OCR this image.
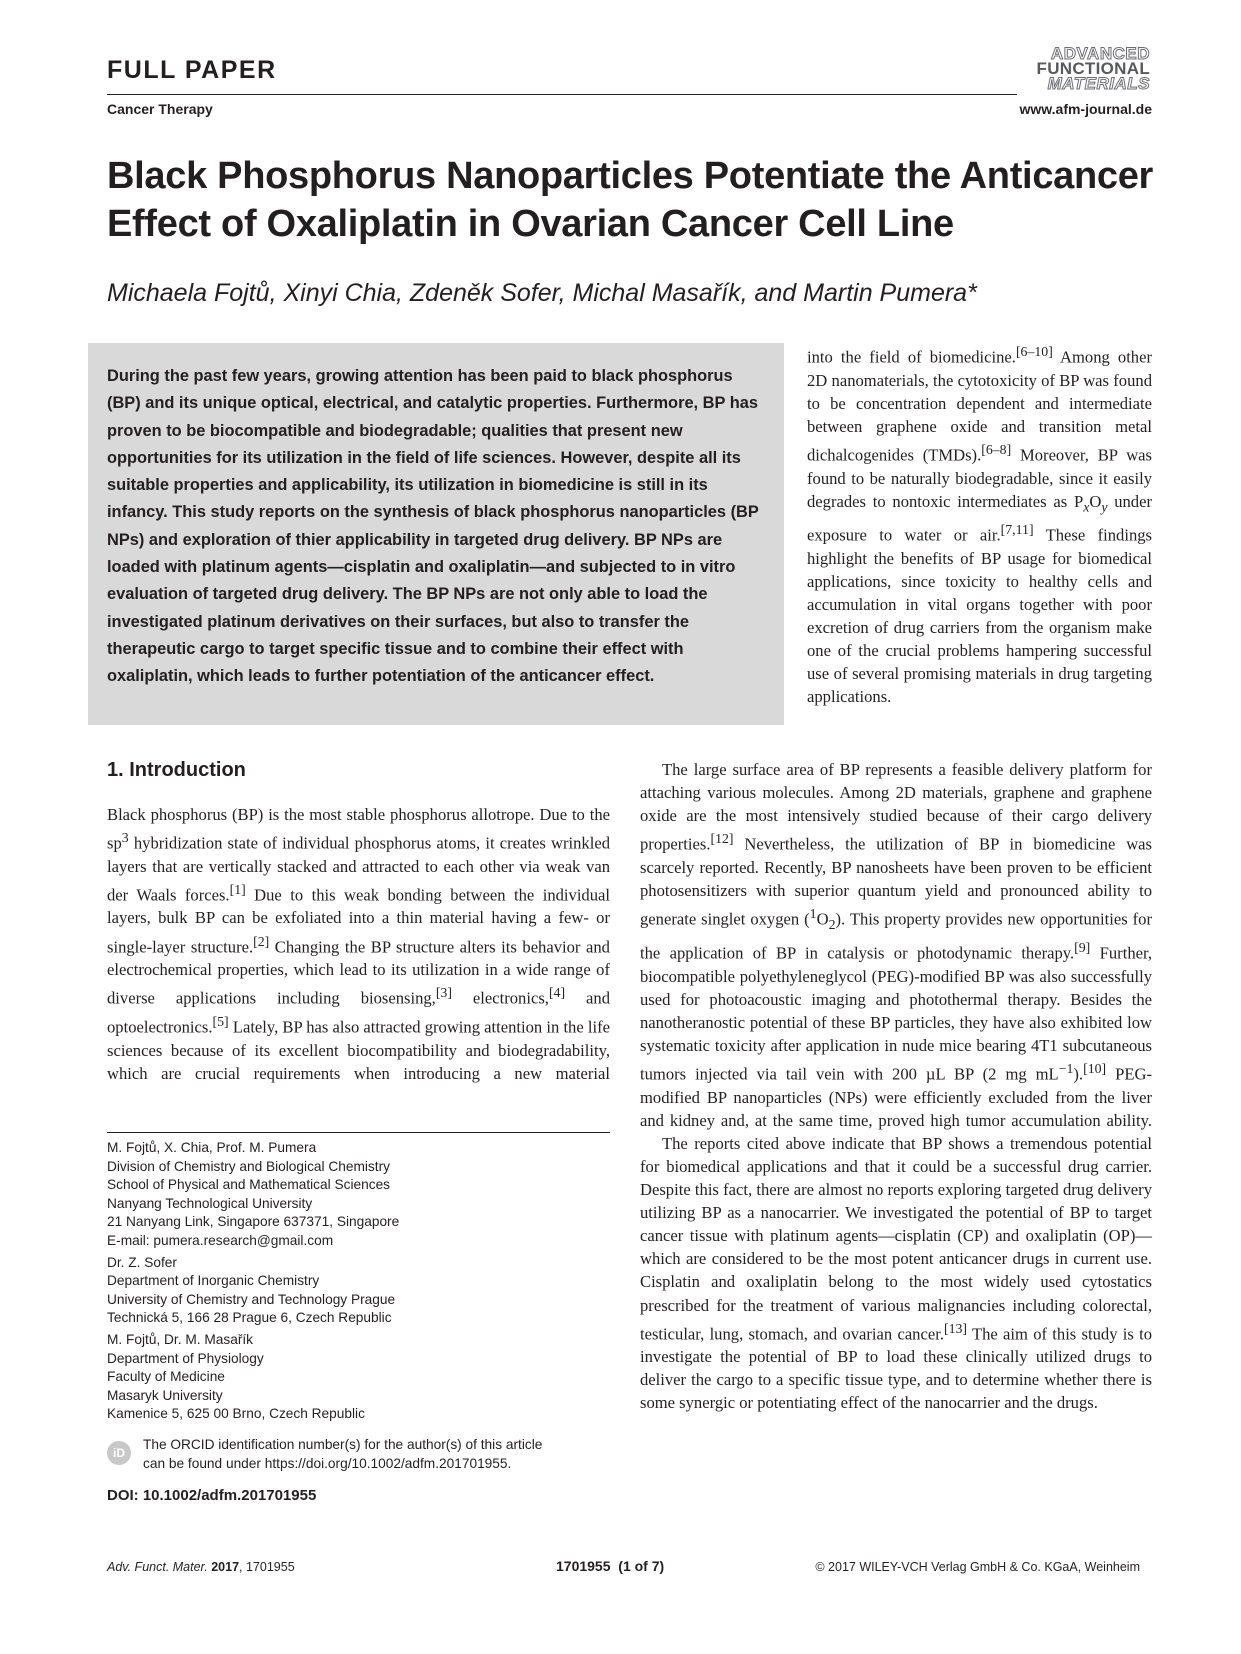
FULL PAPER
Cancer Therapy
ADVANCED
FUNCTIONAL
MATERIALS
www.afm-journal.de
Black Phosphorus Nanoparticles Potentiate the Anticancer
Effect of Oxaliplatin in Ovarian Cancer Cell Line
Michaela Fojtů, Xinyi Chia, Zdeněk Sofer, Michal Masařík, and Martin Pumera*
During the past few years, growing attention has been paid to black phosphorus (BP) and its unique optical, electrical, and catalytic properties. Furthermore, BP has proven to be biocompatible and biodegradable; qualities that present new opportunities for its utilization in the field of life sciences. However, despite all its suitable properties and applicability, its utilization in biomedicine is still in its infancy. This study reports on the synthesis of black phosphorus nanoparticles (BP NPs) and exploration of thier applicability in targeted drug delivery. BP NPs are loaded with platinum agents—cisplatin and oxaliplatin—and subjected to in vitro evaluation of targeted drug delivery. The BP NPs are not only able to load the investigated platinum derivatives on their surfaces, but also to transfer the therapeutic cargo to target specific tissue and to combine their effect with oxaliplatin, which leads to further potentiation of the anticancer effect.
into the field of biomedicine.[6–10] Among other 2D nanomaterials, the cytotoxicity of BP was found to be concentration dependent and intermediate between graphene oxide and transition metal dichalcogenides (TMDs).[6–8] Moreover, BP was found to be naturally biodegradable, since it easily degrades to nontoxic intermediates as $P_xO_y$ under exposure to water or air.[7,11] These findings highlight the benefits of BP usage for biomedical applications, since toxicity to healthy cells and accumulation in vital organs together with poor excretion of drug carriers from the organism make one of the crucial problems hampering successful use of several promising materials in drug targeting applications.
1. Introduction
Black phosphorus (BP) is the most stable phosphorus allotrope. Due to the $sp^3$ hybridization state of individual phosphorus atoms, it creates wrinkled layers that are vertically stacked and attracted to each other via weak van der Waals forces.[1] Due to this weak bonding between the individual layers, bulk BP can be exfoliated into a thin material having a few- or single-layer structure.[2] Changing the BP structure alters its behavior and electrochemical properties, which lead to its utilization in a wide range of diverse applications including biosensing,[3] electronics,[4] and optoelectronics.[5] Lately, BP has also attracted growing attention in the life sciences because of its excellent biocompatibility and biodegradability, which are crucial requirements when introducing a new material
The large surface area of BP represents a feasible delivery platform for attaching various molecules. Among 2D materials, graphene and graphene oxide are the most intensively studied because of their cargo delivery properties.[12] Nevertheless, the utilization of BP in biomedicine was scarcely reported. Recently, BP nanosheets have been proven to be efficient photosensitizers with superior quantum yield and pronounced ability to generate singlet oxygen $(^1O_2)$. This property provides new opportunities for the application of BP in catalysis or photodynamic therapy.[9] Further, biocompatible polyethyleneglycol (PEG)-modified BP was also successfully used for photoacoustic imaging and photothermal therapy. Besides the nanotheranostic potential of these BP particles, they have also exhibited low systematic toxicity after application in nude mice bearing 4T1 subcutaneous tumors injected via tail vein with 200 µL BP (2 mg $mL^{-1}).[10]$ PEG-modified BP nanoparticles (NPs) were efficiently excluded from the liver and kidney and, at the same time, proved high tumor accumulation ability.
The reports cited above indicate that BP shows a tremendous potential for biomedical applications and that it could be a successful drug carrier. Despite this fact, there are almost no reports exploring targeted drug delivery utilizing BP as a nanocarrier. We investigated the potential of BP to target cancer tissue with platinum agents—cisplatin (CP) and oxaliplatin (OP)—which are considered to be the most potent anticancer drugs in current use. Cisplatin and oxaliplatin belong to the most widely used cytostatics prescribed for the treatment of various malignancies including colorectal, testicular, lung, stomach, and ovarian cancer.[13] The aim of this study is to investigate the potential of BP to load these clinically utilized drugs to deliver the cargo to a specific tissue type, and to determine whether there is some synergic or potentiating effect of the nanocarrier and the drugs.
M. Fojtů, X. Chia, Prof. M. Pumera
Division of Chemistry and Biological Chemistry
School of Physical and Mathematical Sciences
Nanyang Technological University
21 Nanyang Link, Singapore 637371, Singapore
E-mail: pumera.research@gmail.com
Dr. Z. Sofer
Department of Inorganic Chemistry
University of Chemistry and Technology Prague
Technická 5, 166 28 Prague 6, Czech Republic
M. Fojtů, Dr. M. Masařík
Department of Physiology
Faculty of Medicine
Masaryk University
Kamenice 5, 625 00 Brno, Czech Republic
iD
The ORCID identification number(s) for the author(s) of this article
can be found under https://doi.org/10.1002/adfm.201701955.
DOI: 10.1002/adfm.201701955
Adv. Funct. Mater. 2017, 1701955	1701955  (1 of 7)	© 2017 WILEY-VCH Verlag GmbH & Co. KGaA, Weinheim
